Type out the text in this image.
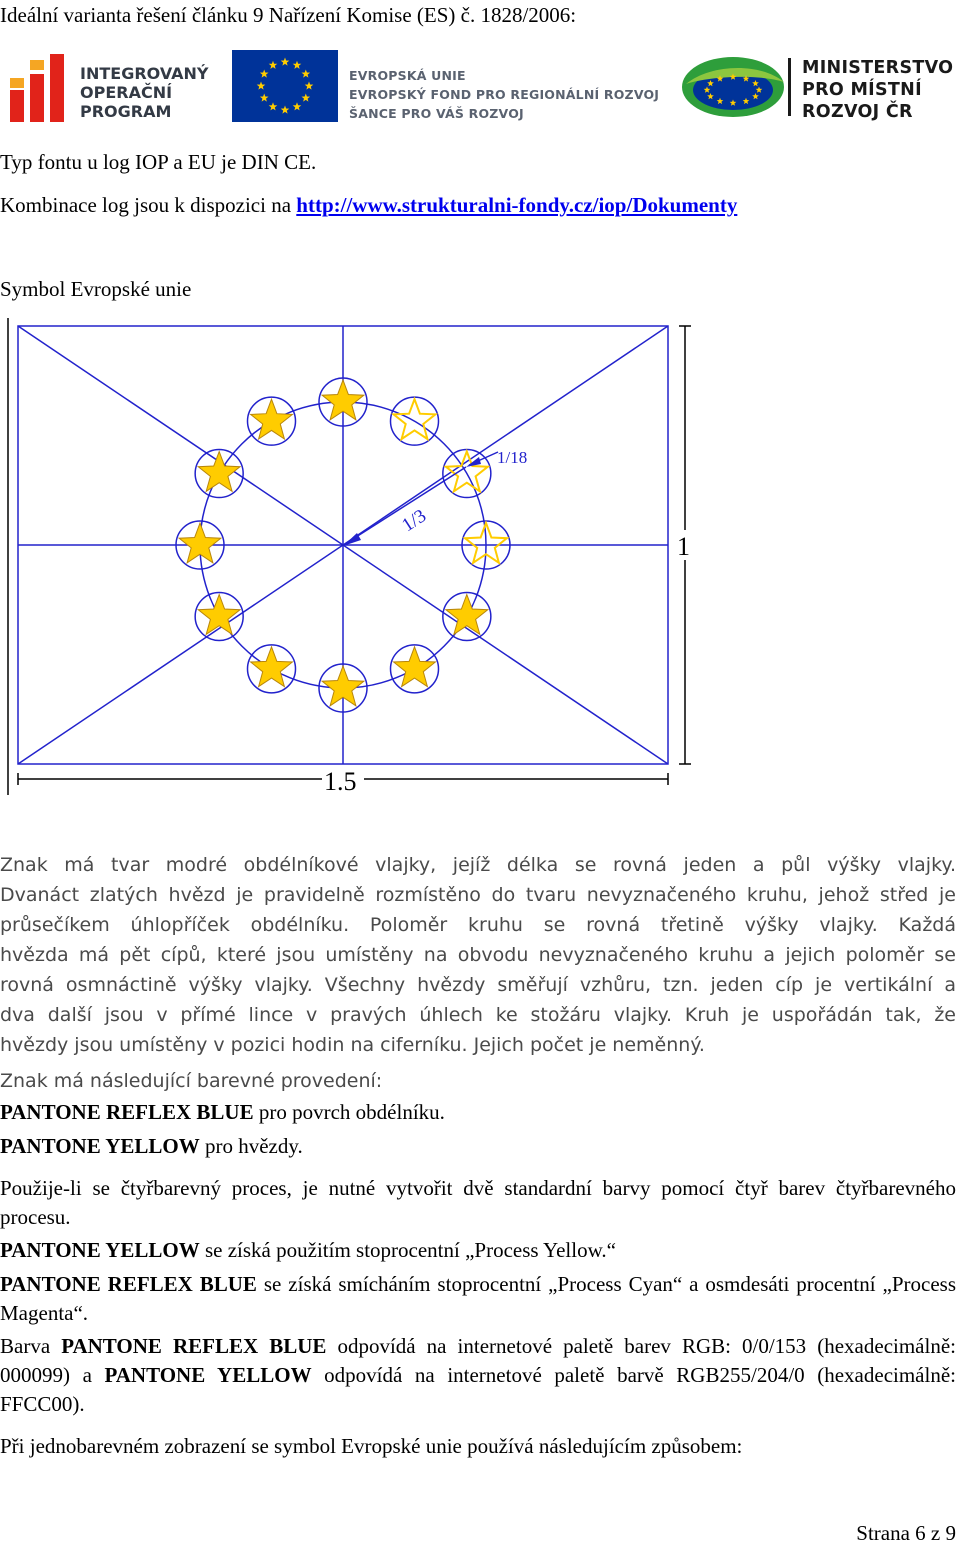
Ideální varianta řešení článku 9 Nařízení Komise (ES) č. 1828/2006:
INTEGROVANÝ
OPERAČNÍ
PROGRAM
EVROPSKÁ UNIE
EVROPSKÝ FOND PRO REGIONÁLNÍ ROZVOJ
ŠANCE PRO VÁŠ ROZVOJ
MINISTERSTVO
PRO MÍSTNÍ
ROZVOJ ČR
Typ fontu u log IOP a EU je DIN CE.
Kombinace log jsou k dispozici na http://www.strukturalni-fondy.cz/iop/Dokumenty
Symbol Evropské unie
1/3
1/18
1
1.5
Znak má tvar modré obdélníkové vlajky, jejíž délka se rovná jeden a půl výšky vlajky.
Dvanáct zlatých hvězd je pravidelně rozmístěno do tvaru nevyznačeného kruhu, jehož střed je
průsečíkem úhlopříček obdélníku. Poloměr kruhu se rovná třetině výšky vlajky. Každá
hvězda má pět cípů, které jsou umístěny na obvodu nevyznačeného kruhu a jejich poloměr se
rovná osmnáctině výšky vlajky. Všechny hvězdy směřují vzhůru, tzn. jeden cíp je vertikální a
dva další jsou v přímé lince v pravých úhlech ke stožáru vlajky. Kruh je uspořádán tak, že
hvězdy jsou umístěny v pozici hodin na ciferníku. Jejich počet je neměnný.
Znak má následující barevné provedení:
PANTONE REFLEX BLUE pro povrch obdélníku.
PANTONE YELLOW pro hvězdy.
Použije-li se čtyřbarevný proces, je nutné vytvořit dvě standardní barvy pomocí čtyř barev čtyřbarevného procesu.
PANTONE YELLOW se získá použitím stoprocentní „Process Yellow.“
PANTONE REFLEX BLUE se získá smícháním stoprocentní „Process Cyan“ a osmdesáti procentní „Process Magenta“.
Barva PANTONE REFLEX BLUE odpovídá na internetové paletě barev RGB: 0/0/153 (hexadecimálně: 000099) a PANTONE YELLOW odpovídá na internetové paletě barvě RGB255/204/0 (hexadecimálně: FFCC00).
Při jednobarevném zobrazení se symbol Evropské unie používá následujícím způsobem:
Strana 6 z 9
